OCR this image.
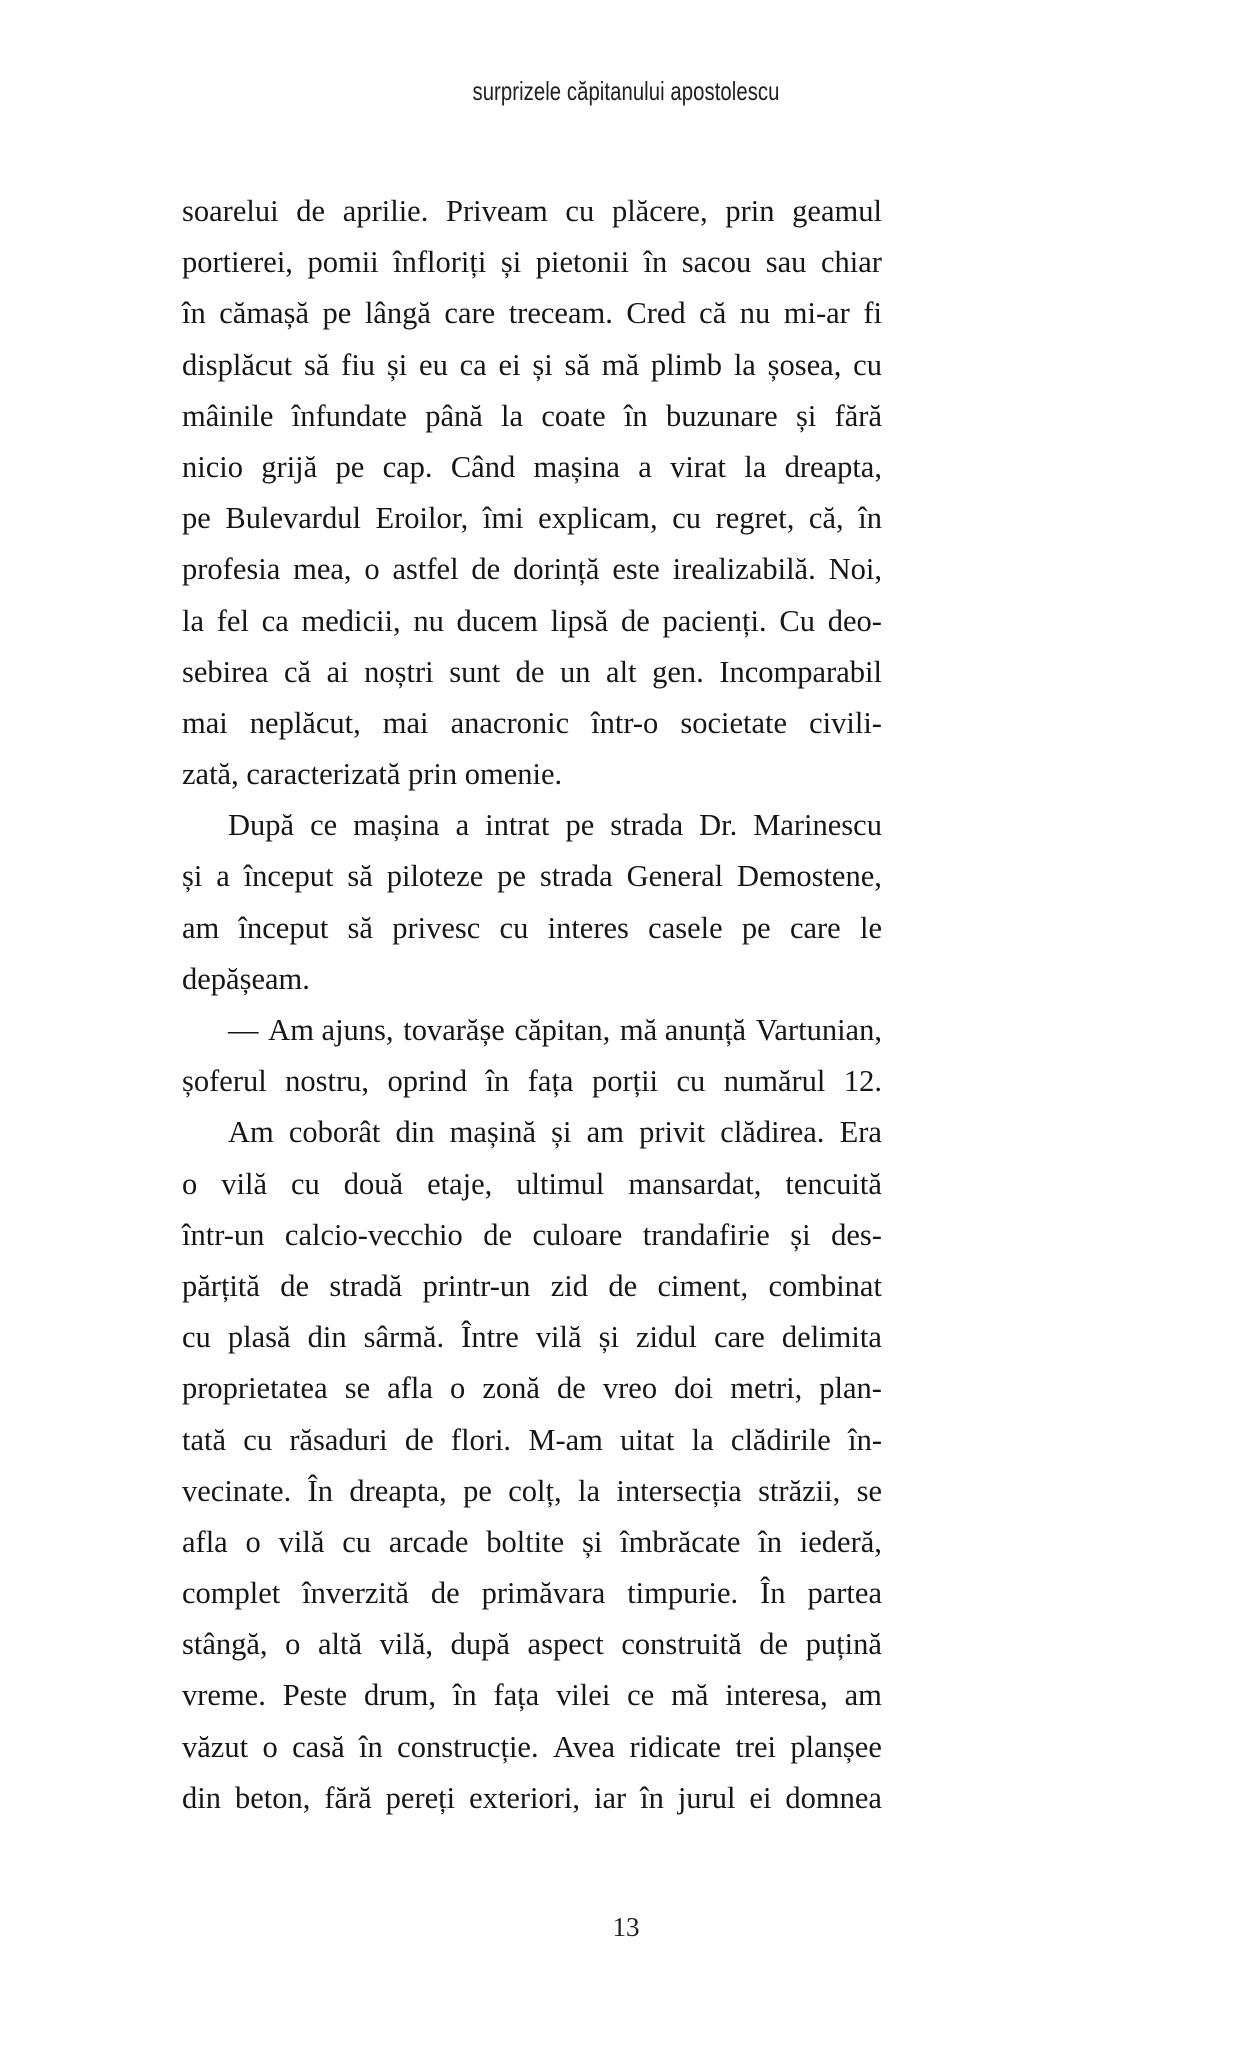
surprizele căpitanului apostolescu
soarelui de aprilie. Priveam cu plăcere, prin geamul
portierei, pomii înfloriți și pietonii în sacou sau chiar
în cămașă pe lângă care treceam. Cred că nu mi-ar fi
displăcut să fiu și eu ca ei și să mă plimb la șosea, cu
mâinile înfundate până la coate în buzunare și fără
nicio grijă pe cap. Când mașina a virat la dreapta,
pe Bulevardul Eroilor, îmi explicam, cu regret, că, în
profesia mea, o astfel de dorință este irealizabilă. Noi,
la fel ca medicii, nu ducem lipsă de pacienți. Cu deo-
sebirea că ai noștri sunt de un alt gen. Incomparabil
mai neplăcut, mai anacronic într-o societate civili-
zată, caracterizată prin omenie.
După ce mașina a intrat pe strada Dr. Marinescu
și a început să piloteze pe strada General Demostene,
am început să privesc cu interes casele pe care le
depășeam.
— Am ajuns, tovarășe căpitan, mă anunță Vartunian,
șoferul nostru, oprind în fața porții cu numărul 12.
Am coborât din mașină și am privit clădirea. Era
o vilă cu două etaje, ultimul mansardat, tencuită
într-un calcio-vecchio de culoare trandafirie și des-
părțită de stradă printr-un zid de ciment, combinat
cu plasă din sârmă. Între vilă și zidul care delimita
proprietatea se afla o zonă de vreo doi metri, plan-
tată cu răsaduri de flori. M-am uitat la clădirile în-
vecinate. În dreapta, pe colț, la intersecția străzii, se
afla o vilă cu arcade boltite și îmbrăcate în iederă,
complet înverzită de primăvara timpurie. În partea
stângă, o altă vilă, după aspect construită de puțină
vreme. Peste drum, în fața vilei ce mă interesa, am
văzut o casă în construcție. Avea ridicate trei planșee
din beton, fără pereți exteriori, iar în jurul ei domnea
13
